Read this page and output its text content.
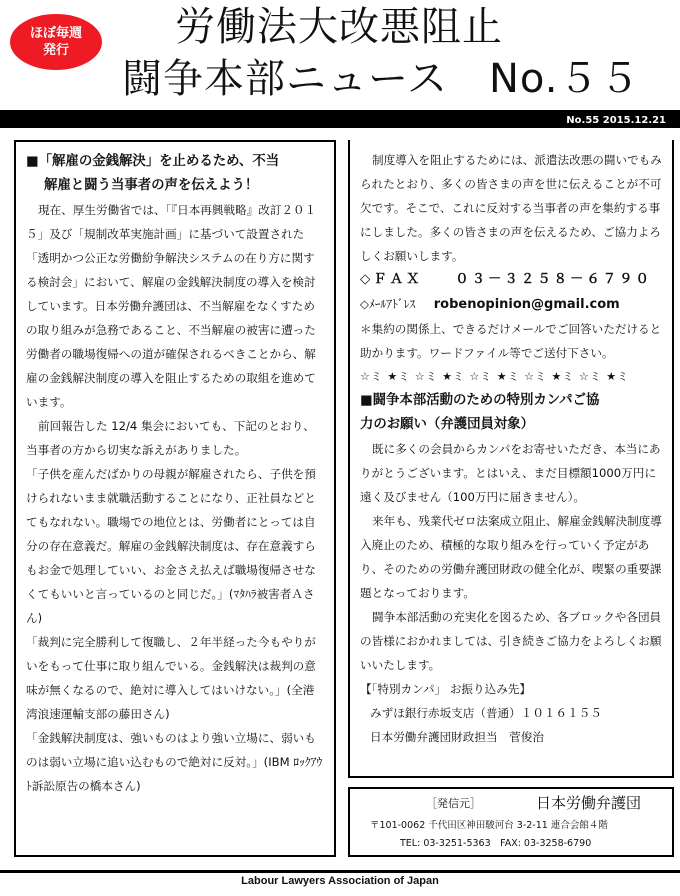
ほぼ毎週
発行
労働法大改悪阻止
闘争本部ニュース　No.５５
No.55 2015.12.21
■「解雇の金銭解決」を止めるため、不当
解雇と闘う当事者の声を伝えよう！

現在、厚生労働省では、「『日本再興戦略』改訂２０１５」及び「規制改革実施計画」に基づいて設置された「透明かつ公正な労働紛争解決システムの在り方に関する検討会」において、解雇の金銭解決制度の導入を検討しています。日本労働弁護団は、不当解雇をなくすための取り組みが急務であること、不当解雇の被害に遭った労働者の職場復帰への道が確保されるべきことから、解雇の金銭解決制度の導入を阻止するための取組を進めています。

前回報告した 12/4 集会においても、下記のとおり、当事者の方から切実な訴えがありました。

「子供を産んだばかりの母親が解雇されたら、子供を預けられないまま就職活動することになり、正社員などとてもなれない。職場での地位とは、労働者にとっては自分の存在意義だ。解雇の金銭解決制度は、存在意義すらもお金で処理していい、お金さえ払えば職場復帰させなくてもいいと言っているのと同じだ。」(ﾏﾀﾊﾗ被害者Ａさん)

「裁判に完全勝利して復職し、２年半経った今もやりがいをもって仕事に取り組んでいる。金銭解決は裁判の意味が無くなるので、絶対に導入してはいけない。」(全港湾浪速運輸支部の藤田さん)

「金銭解決制度は、強いものはより強い立場に、弱いものは弱い立場に追い込むもので絶対に反対。」(IBM ﾛｯｸｱｳﾄ訴訟原告の橋本さん)

制度導入を阻止するためには、派遣法改悪の闘いでもみられたとおり、多くの皆さまの声を世に伝えることが不可欠です。そこで、これに反対する当事者の声を集約する事にしました。多くの皆さまの声を伝えるため、ご協力よろしくお願いします。

◇ＦＡＸ　　０３－３２５８－６７９０

◇ﾒｰﾙｱﾄﾞﾚｽ robenopinion@gmail.com

＊集約の関係上、できるだけメールでご回答いただけると助かります。ワードファイル等でご送付下さい。

☆ミ ★ミ ☆ミ ★ミ ☆ミ ★ミ ☆ミ ★ミ ☆ミ ★ミ

■闘争本部活動のための特別カンパご協
力のお願い（弁護団員対象）

既に多くの会員からカンパをお寄せいただき、本当にありがとうございます。とはいえ、まだ目標額1000万円に遠く及びません（100万円に届きません）。

来年も、残業代ゼロ法案成立阻止、解雇金銭解決制度導入廃止のため、積極的な取り組みを行っていく予定があり、そのための労働弁護団財政の健全化が、喫緊の重要課題となっております。

闘争本部活動の充実化を図るため、各ブロックや各団員の皆様におかれましては、引き続きご協力をよろしくお願いいたします。

【「特別カンパ」 お振り込み先】

みずほ銀行赤坂支店（普通）１０１６１５５

日本労働弁護団財政担当　菅俊治

［発信元］	日本労働弁護団
〒101-0062 千代田区神田駿河台 3-2-11 連合会館４階
TEL: 03-3251-5363　FAX: 03-3258-6790
Labour Lawyers Association of Japan
